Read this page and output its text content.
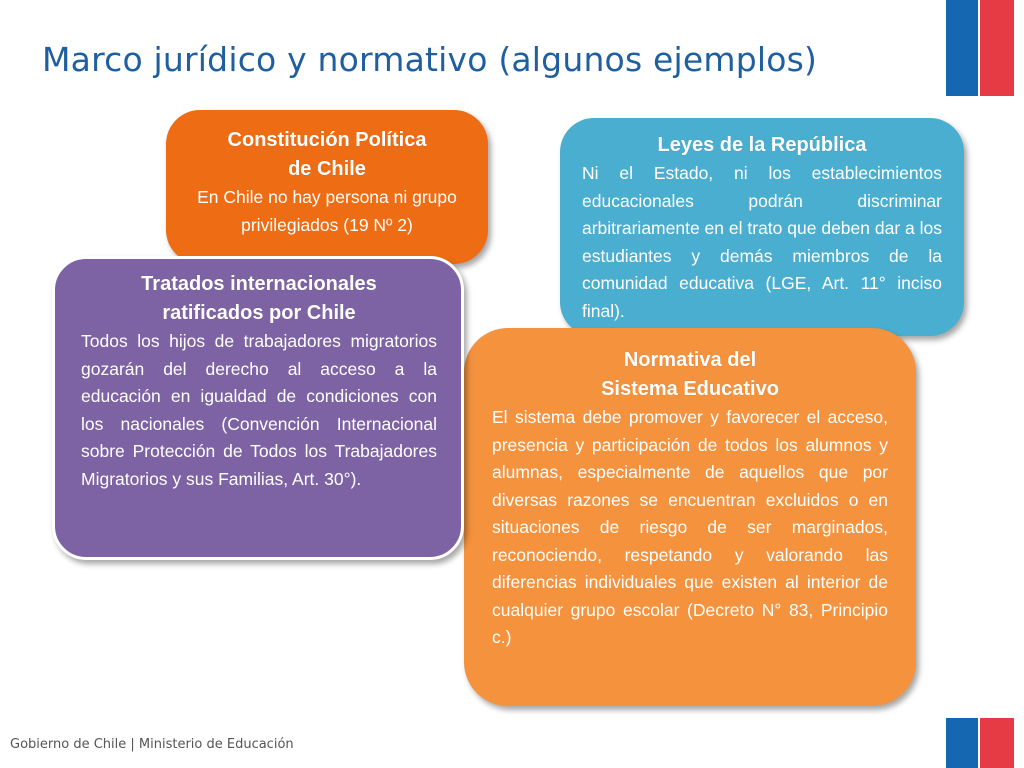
Marco jurídico y normativo (algunos ejemplos)
Leyes de la República
Ni el Estado, ni los establecimientos educacionales podrán discriminar arbitrariamente en el trato que deben dar a los estudiantes y demás miembros de la comunidad educativa (LGE, Art. 11° inciso final).
Constitución Política
de Chile
En Chile no hay persona ni grupo privilegiados (19 Nº 2)
Normativa del
Sistema Educativo
El sistema debe promover y favorecer el acceso, presencia y participación de todos los alumnos y alumnas, especialmente de aquellos que por diversas razones se encuentran excluidos o en situaciones de riesgo de ser marginados, reconociendo, respetando y valorando las diferencias individuales que existen al interior de cualquier grupo escolar (Decreto N° 83, Principio c.)
Tratados internacionales
ratificados por Chile
Todos los hijos de trabajadores migratorios gozarán del derecho al acceso a la educación en igualdad de condiciones con los nacionales (Convención Internacional sobre Protección de Todos los Trabajadores Migratorios y sus Familias, Art. 30°).
Gobierno de Chile | Ministerio de Educación
